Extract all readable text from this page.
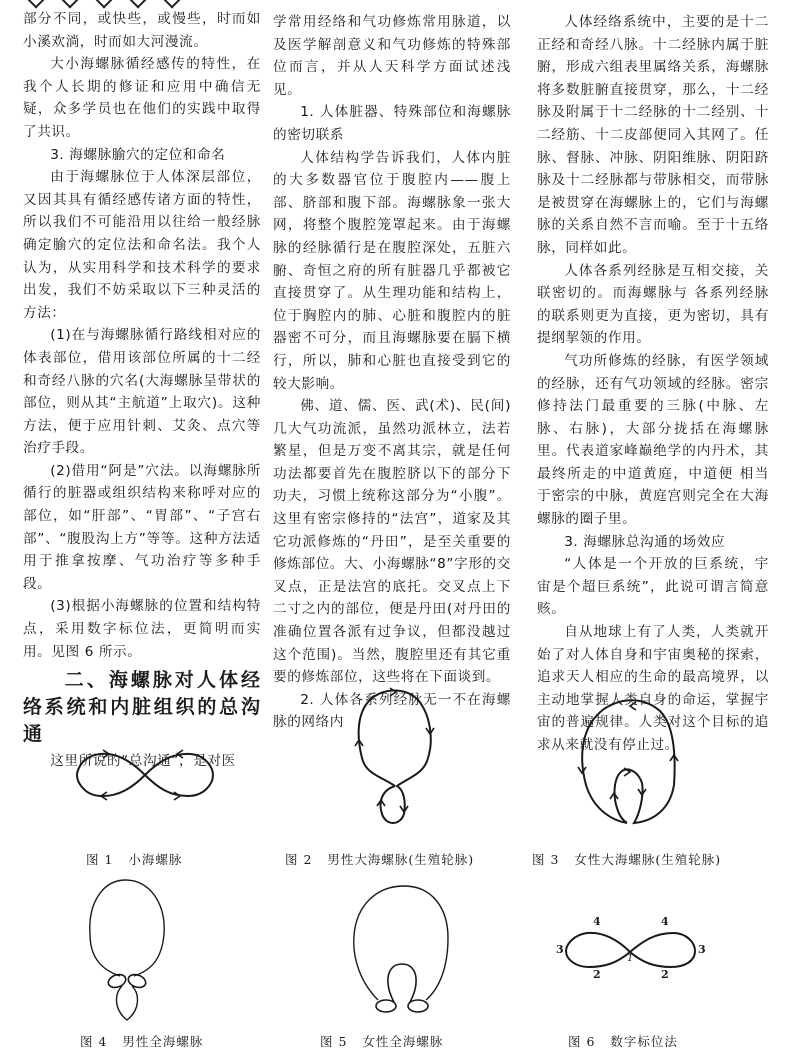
部分不同，或快些，或慢些，时而如小溪欢淌，时而如大河漫流。

大小海螺脉循经感传的特性，在我个人长期的修证和应用中确信无疑，众多学员也在他们的实践中取得了共识。

3. 海螺脉腧穴的定位和命名

由于海螺脉位于人体深层部位，又因其具有循经感传诸方面的特性，所以我们不可能沿用以往给一般经脉确定腧穴的定位法和命名法。我个人认为，从实用科学和技术科学的要求出发，我们不妨采取以下三种灵活的方法：

(1)在与海螺脉循行路线相对应的体表部位，借用该部位所属的十二经和奇经八脉的穴名(大海螺脉呈带状的部位，则从其“主航道”上取穴)。这种方法，便于应用针刺、艾灸、点穴等治疗手段。

(2)借用“阿是”穴法。以海螺脉所循行的脏器或组织结构来称呼对应的部位，如“肝部”、“胃部”、“子宫右部”、“腹股沟上方”等等。这种方法适用于推拿按摩、气功治疗等多种手段。

(3)根据小海螺脉的位置和结构特点，采用数字标位法，更简明而实用。见图 6 所示。

二、海螺脉对人体经络系统和内脏组织的总沟通

这里所说的“总沟通”，是对医

学常用经络和气功修炼常用脉道，以及医学解剖意义和气功修炼的特殊部位而言，并从人天科学方面试述浅见。

1. 人体脏器、特殊部位和海螺脉的密切联系

人体结构学告诉我们，人体内脏的大多数器官位于腹腔内——腹上部、脐部和腹下部。海螺脉象一张大网，将整个腹腔笼罩起来。由于海螺脉的经脉循行是在腹腔深处，五脏六腑、奇恒之府的所有脏器几乎都被它直接贯穿了。从生理功能和结构上，位于胸腔内的肺、心脏和腹腔内的脏器密不可分，而且海螺脉要在膈下横行，所以，肺和心脏也直接受到它的较大影响。

佛、道、儒、医、武(术)、民(间)几大气功流派，虽然功派林立，法若繁星，但是万变不离其宗，就是任何功法都要首先在腹腔脐以下的部分下功夫，习惯上统称这部分为“小腹”。这里有密宗修持的“法宫”，道家及其它功派修炼的“丹田”，是至关重要的修炼部位。大、小海螺脉“8”字形的交叉点，正是法宫的底托。交叉点上下二寸之内的部位，便是丹田(对丹田的准确位置各派有过争议，但都没越过这个范围)。当然，腹腔里还有其它重要的修炼部位，这些将在下面谈到。

2. 人体各系列经脉无一不在海螺脉的网络内

人体经络系统中，主要的是十二正经和奇经八脉。十二经脉内属于脏腑，形成六组表里属络关系，海螺脉将多数脏腑直接贯穿，那么，十二经脉及附属于十二经脉的十二经别、十二经筋、十二皮部便同入其网了。任脉、督脉、冲脉、阴阳维脉、阴阳跻脉及十二经脉都与带脉相交，而带脉是被贯穿在海螺脉上的，它们与海螺脉的关系自然不言而喻。至于十五络脉，同样如此。

人体各系列经脉是互相交接，关联密切的。而海螺脉与 各系列经脉的联系则更为直接，更为密切，具有提纲挈领的作用。

气功所修炼的经脉，有医学领域的经脉，还有气功领域的经脉。密宗修持法门最重要的三脉(中脉、左脉、右脉)，大部分拢括在海螺脉里。代表道家峰巅绝学的内丹术，其最终所走的中道黄庭，中道便 相当于密宗的中脉，黄庭宫则完全在大海螺脉的圈子里。

3. 海螺脉总沟通的场效应

“人体是一个开放的巨系统，宇宙是个超巨系统”，此说可谓言简意赅。

自从地球上有了人类，人类就开始了对人体自身和宇宙奥秘的探索，追求天人相应的生命的最高境界，以主动地掌握人类自身的命运，掌握宇宙的普遍规律。人类对这个目标的追求从来就没有停止过。

图 1   小海螺脉	图 2   男性大海螺脉(生殖轮脉)	图 3   女性大海螺脉(生殖轮脉)
图 4   男性全海螺脉	图 5   女性全海螺脉
4	4
3	3
2	2
1
图 6   数字标位法
